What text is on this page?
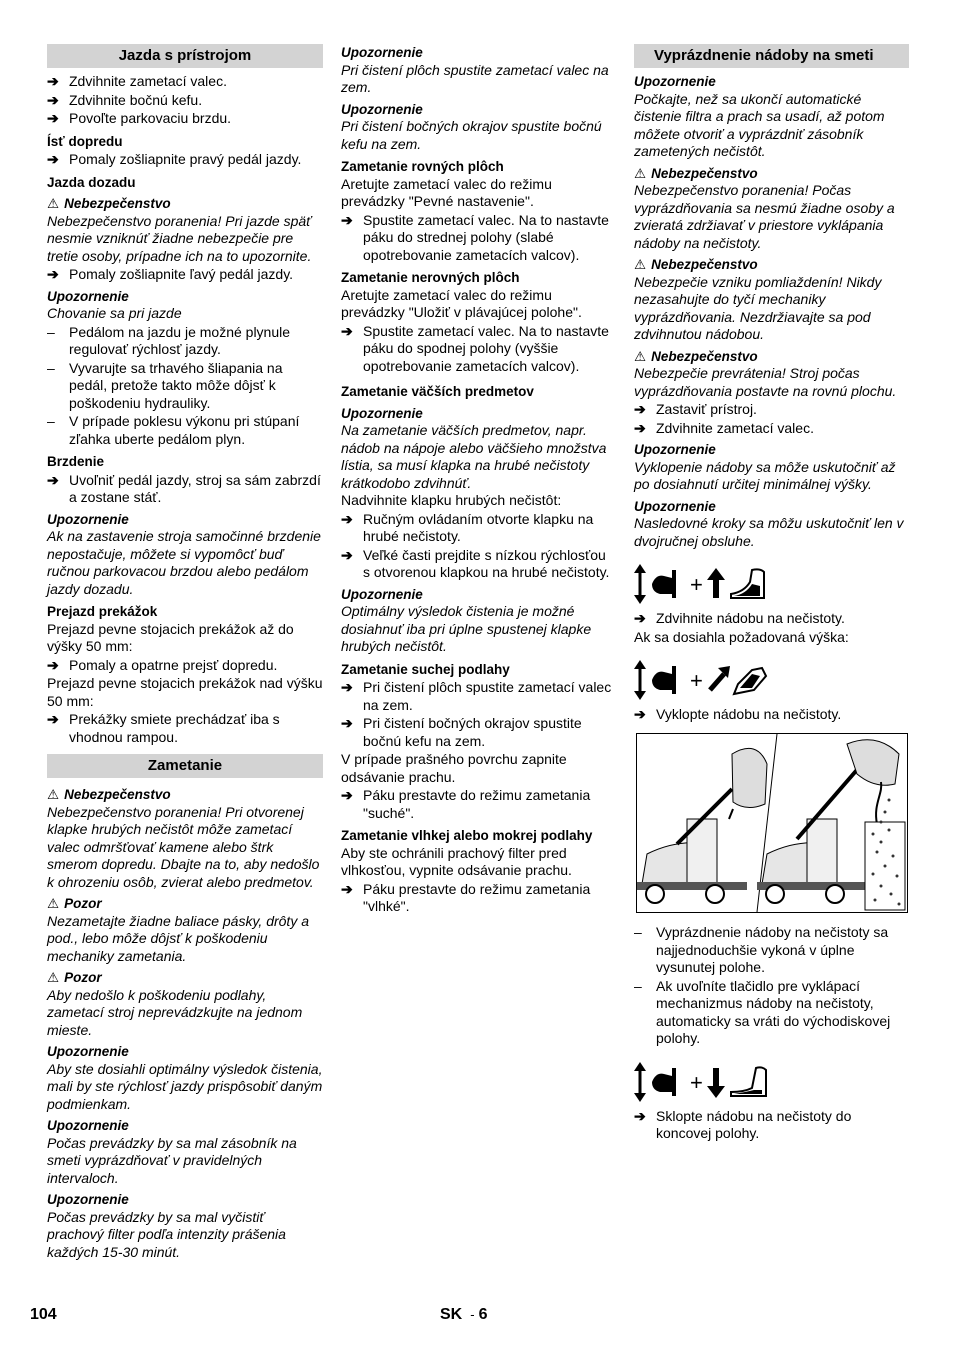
Jazda s prístrojom
➔ Zdvihnite zametací valec.
➔ Zdvihnite bočnú kefu.
➔ Povoľte parkovaciu brzdu.
Ísť dopredu
➔ Pomaly zošliapnite pravý pedál jazdy.
Jazda dozadu
⚠ Nebezpečenstvo

Nebezpečenstvo poranenia! Pri jazde späť nesmie vzniknúť žiadne nebezpečie pre tretie osoby, prípadne ich na to upozornite.

➔ Pomaly zošliapnite ľavý pedál jazdy.
Upozornenie

Chovanie sa pri jazde

– Pedálom na jazdu je možné plynule regulovať rýchlosť jazdy.
– Vyvarujte sa trhavého šliapania na pedál, pretože takto môže dôjsť k poškodeniu hydrauliky.
– V prípade poklesu výkonu pri stúpaní zľahka uberte pedálom plyn.
Brzdenie
➔ Uvoľniť pedál jazdy, stroj sa sám zabrzdí a zostane stáť.
Upozornenie

Ak na zastavenie stroja samočinné brzdenie nepostačuje, môžete si vypomôcť buď ručnou parkovacou brzdou alebo pedálom jazdy dozadu.

Prejazd prekážok

Prejazd pevne stojacich prekážok až do výšky 50 mm:

➔ Pomaly a opatrne prejsť dopredu.

Prejazd pevne stojacich prekážok nad výšku 50 mm:

➔ Prekážky smiete prechádzať iba s vhodnou rampou.
Zametanie
⚠ Nebezpečenstvo

Nebezpečenstvo poranenia! Pri otvorenej klapke hrubých nečistôt môže zametací valec odmršťovať kamene alebo štrk smerom dopredu. Dbajte na to, aby nedošlo k ohrozeniu osôb, zvierat alebo predmetov.

⚠ Pozor

Nezametajte žiadne baliace pásky, drôty a pod., lebo môže dôjsť k poškodeniu mechaniky zametania.

⚠ Pozor

Aby nedošlo k poškodeniu podlahy, zametací stroj neprevádzkujte na jednom mieste.

Upozornenie

Aby ste dosiahli optimálny výsledok čistenia, mali by ste rýchlosť jazdy prispôsobiť daným podmienkam.

Upozornenie

Počas prevádzky by sa mal zásobník na smeti vyprázdňovať v pravidelných intervaloch.

Upozornenie

Počas prevádzky by sa mal vyčistiť prachový filter podľa intenzity prášenia každých 15-30 minút.

Upozornenie

Pri čistení plôch spustite zametací valec na zem.

Upozornenie

Pri čistení bočných okrajov spustite bočnú kefu na zem.

Zametanie rovných plôch

Aretujte zametací valec do režimu prevádzky "Pevné nastavenie".

➔ Spustite zametací valec. Na to nastavte páku do strednej polohy (slabé opotrebovanie zametacích valcov).
Zametanie nerovných plôch

Aretujte zametací valec do režimu prevádzky "Uložiť v plávajúcej polohe".

➔ Spustite zametací valec. Na to nastavte páku do spodnej polohy (vyššie opotrebovanie zametacích valcov).
Zametanie väčších predmetov
Upozornenie

Na zametanie väčších predmetov, napr. nádob na nápoje alebo väčšieho množstva lístia, sa musí klapka na hrubé nečistoty krátkodobo zdvihnúť.

Nadvihnite klapku hrubých nečistôt:

➔ Ručným ovládaním otvorte klapku na hrubé nečistoty.
➔ Veľké časti prejdite s nízkou rýchlosťou s otvorenou klapkou na hrubé nečistoty.
Upozornenie

Optimálny výsledok čistenia je možné dosiahnuť iba pri úplne spustenej klapke hrubých nečistôt.

Zametanie suchej podlahy
➔ Pri čistení plôch spustite zametací valec na zem.
➔ Pri čistení bočných okrajov spustite bočnú kefu na zem.

V prípade prašného povrchu zapnite odsávanie prachu.

➔ Páku prestavte do režimu zametania "suché".
Zametanie vlhkej alebo mokrej podlahy

Aby ste ochránili prachový filter pred vlhkosťou, vypnite odsávanie prachu.

➔ Páku prestavte do režimu zametania "vlhké".
Vyprázdnenie nádoby na smeti
Upozornenie

Počkajte, než sa ukončí automatické čistenie filtra a prach sa usadí, až potom môžete otvoriť a vyprázdniť zásobník zametených nečistôt.

⚠ Nebezpečenstvo

Nebezpečenstvo poranenia! Počas vyprázdňovania sa nesmú žiadne osoby a zvieratá zdržiavať v priestore vyklápania nádoby na nečistoty.

⚠ Nebezpečenstvo

Nebezpečie vzniku pomliaždenín! Nikdy nezasahujte do tyčí mechaniky vyprázdňovania. Nezdržiavajte sa pod zdvihnutou nádobou.

⚠ Nebezpečenstvo

Nebezpečie prevrátenia! Stroj počas vyprázdňovania postavte na rovnú plochu.

➔ Zastaviť prístroj.
➔ Zdvihnite zametací valec.
Upozornenie

Vyklopenie nádoby sa môže uskutočniť až po dosiahnutí určitej minimálnej výšky.

Upozornenie

Nasledovné kroky sa môžu uskutočniť len v dvojručnej obsluhe.

+
➔ Zdvihnite nádobu na nečistoty.

Ak sa dosiahla požadovaná výška:

+
➔ Vyklopte nádobu na nečistoty.
– Vyprázdnenie nádoby na nečistoty sa najjednoduchšie vykoná v úplne vysunutej polohe.
– Ak uvoľníte tlačidlo pre vyklápací mechanizmus nádoby na nečistoty, automaticky sa vráti do východiskovej polohy.
+
➔ Sklopte nádobu na nečistoty do koncovej polohy.
104	SK - 6
